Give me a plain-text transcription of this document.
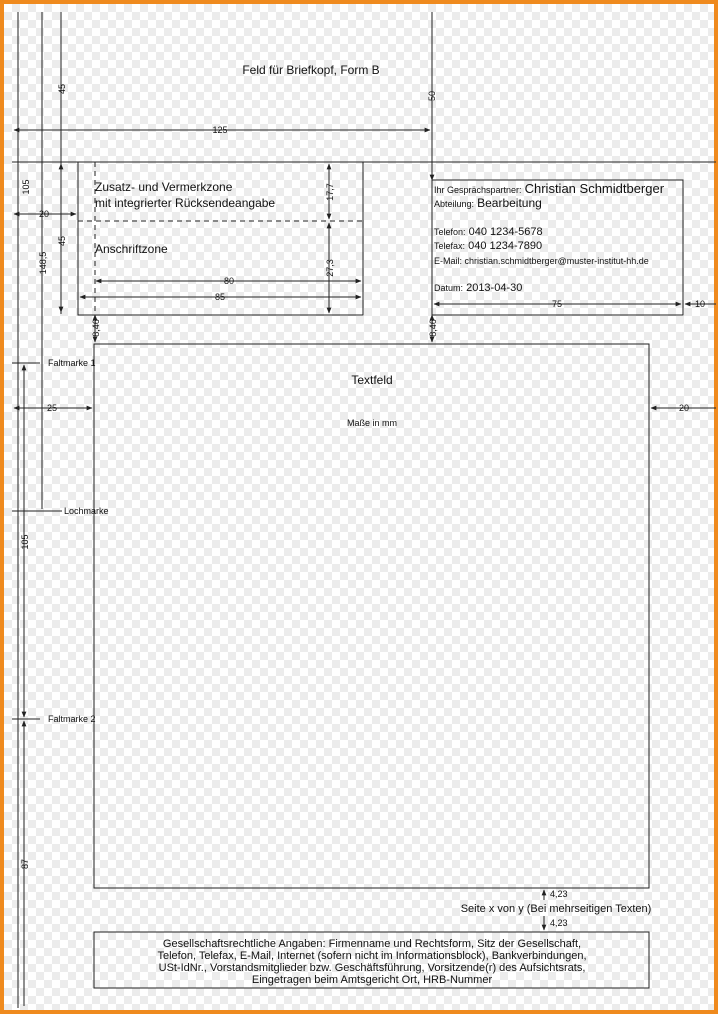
Feld für Briefkopf, Form B
Zusatz- und Vermerkzone
mit integrierter Rücksendeangabe
Anschriftzone
Ihr Gesprächspartner: Christian Schmidtberger
Abteilung: Bearbeitung
Telefon: 040 1234-5678
Telefax: 040 1234-7890
E-Mail: christian.schmidtberger@muster-institut-hh.de
Datum: 2013-04-30
Textfeld
Maße in mm
Faltmarke 1
Lochmarke
Faltmarke 2
Seite x von y (Bei mehrseitigen Texten)
Gesellschaftsrechtliche Angaben: Firmenname und Rechtsform, Sitz der Gesellschaft,
Telefon, Telefax, E-Mail, Internet (sofern nicht im Informationsblock), Bankverbindungen,
USt-IdNr., Vorstandsmitglieder bzw. Geschäftsführung, Vorsitzende(r) des Aufsichtsrats,
Eingetragen beim Amtsgericht Ort, HRB-Nummer
45
50
125
105
20
45
148,5
17,7
27,3
80
85
75	10
8,46	8,46
25	20
105
87
4,23
4,23
